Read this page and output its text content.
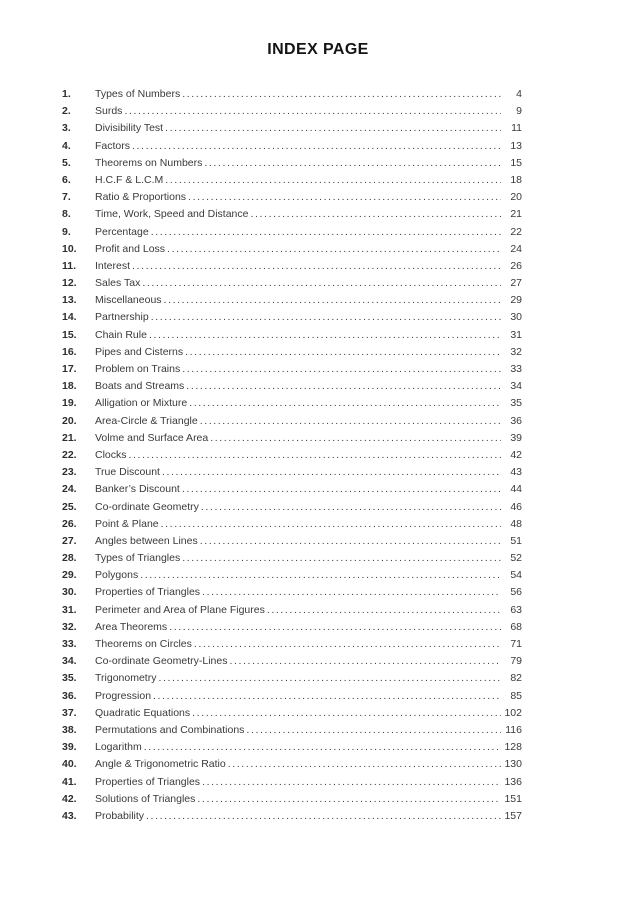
INDEX PAGE
1.	Types of Numbers .....	4
2.	Surds .....	9
3.	Divisibility Test .....	11
4.	Factors .....	13
5.	Theorems on Numbers .....	15
6.	H.C.F & L.C.M .....	18
7.	Ratio & Proportions .....	20
8.	Time, Work, Speed and Distance .....	21
9.	Percentage .....	22
10.	Profit and Loss .....	24
11.	Interest .....	26
12.	Sales Tax .....	27
13.	Miscellaneous .....	29
14.	Partnership .....	30
15.	Chain Rule .....	31
16.	Pipes and Cisterns .....	32
17.	Problem on Trains .....	33
18.	Boats and Streams .....	34
19.	Alligation or Mixture .....	35
20.	Area-Circle & Triangle .....	36
21.	Volme and Surface Area .....	39
22.	Clocks .....	42
23.	True Discount .....	43
24.	Banker’s Discount .....	44
25.	Co-ordinate Geometry .....	46
26.	Point & Plane .....	48
27.	Angles between Lines .....	51
28.	Types of Triangles .....	52
29.	Polygons .....	54
30.	Properties of Triangles .....	56
31.	Perimeter and Area of Plane Figures .....	63
32.	Area Theorems .....	68
33.	Theorems on Circles .....	71
34.	Co-ordinate Geometry-Lines .....	79
35.	Trigonometry .....	82
36.	Progression .....	85
37.	Quadratic Equations .....	102
38.	Permutations and Combinations .....	116
39.	Logarithm .....	128
40.	Angle & Trigonometric Ratio .....	130
41.	Properties of Triangles .....	136
42.	Solutions of Triangles .....	151
43.	Probability .....	157
